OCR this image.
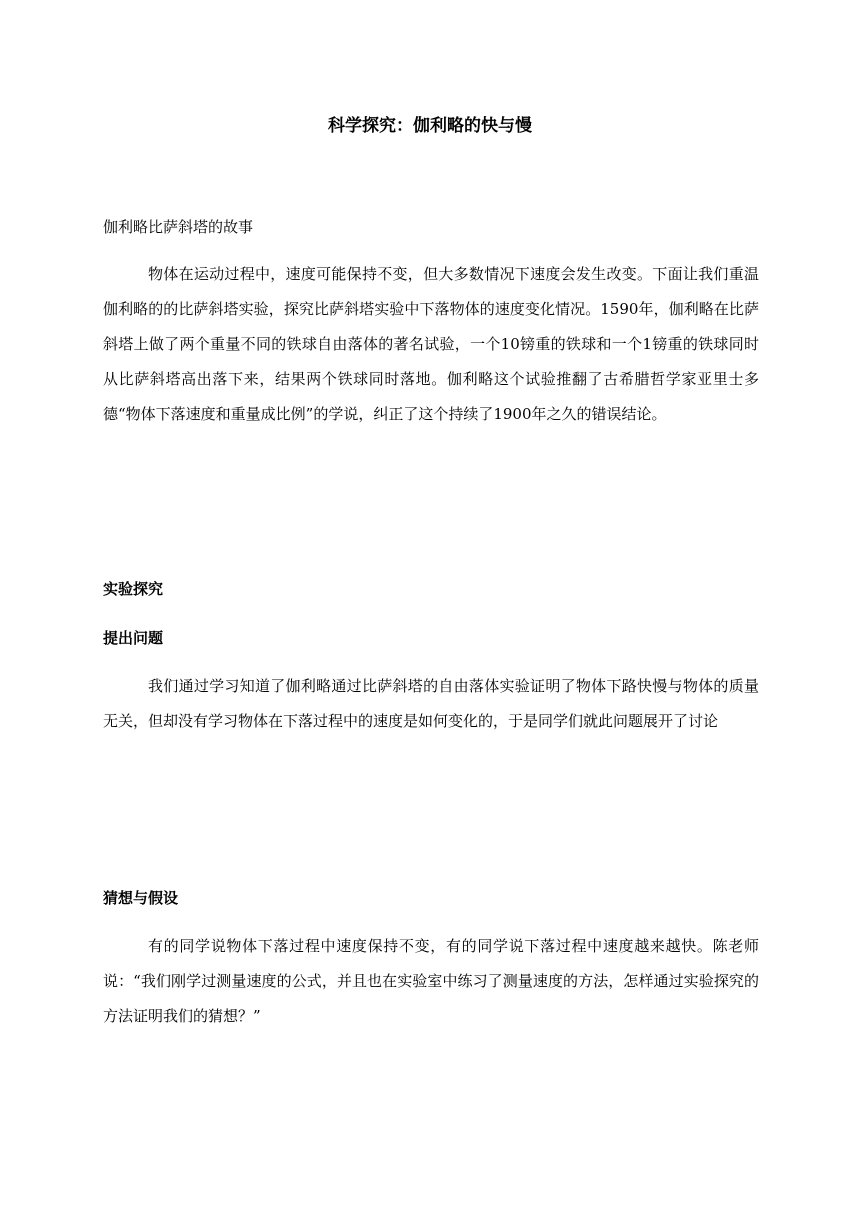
科学探究：伽利略的快与慢
伽利略比萨斜塔的故事

物体在运动过程中，速度可能保持不变，但大多数情况下速度会发生改变。下面让我们重温伽利略的的比萨斜塔实验，探究比萨斜塔实验中下落物体的速度变化情况。1590年，伽利略在比萨斜塔上做了两个重量不同的铁球自由落体的著名试验，一个10镑重的铁球和一个1镑重的铁球同时从比萨斜塔高出落下来，结果两个铁球同时落地。伽利略这个试验推翻了古希腊哲学家亚里士多德“物体下落速度和重量成比例”的学说，纠正了这个持续了1900年之久的错误结论。

实验探究
提出问题

我们通过学习知道了伽利略通过比萨斜塔的自由落体实验证明了物体下路快慢与物体的质量无关，但却没有学习物体在下落过程中的速度是如何变化的，于是同学们就此问题展开了讨论

猜想与假设

有的同学说物体下落过程中速度保持不变，有的同学说下落过程中速度越来越快。陈老师说：“我们刚学过测量速度的公式，并且也在实验室中练习了测量速度的方法，怎样通过实验探究的方法证明我们的猜想？”
